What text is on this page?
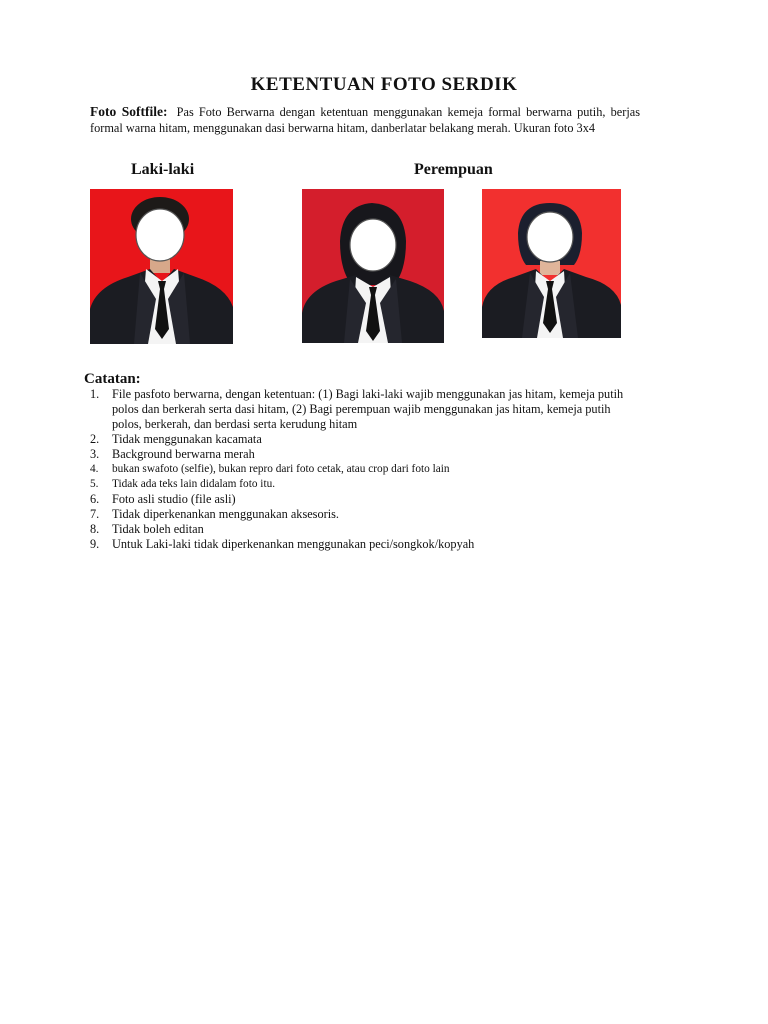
KETENTUAN FOTO SERDIK
Foto Softfile: Pas Foto Berwarna dengan ketentuan menggunakan kemeja formal berwarna putih, berjas formal warna hitam, menggunakan dasi berwarna hitam, danberlatar belakang merah. Ukuran foto 3x4
Laki-laki	Perempuan
Catatan:
1. File pasfoto berwarna, dengan ketentuan: (1) Bagi laki-laki wajib menggunakan jas hitam, kemeja putih polos dan berkerah serta dasi hitam, (2) Bagi perempuan wajib menggunakan jas hitam, kemeja putih polos, berkerah, dan berdasi serta kerudung hitam
2. Tidak menggunakan kacamata
3. Background berwarna merah
4. bukan swafoto (selfie), bukan repro dari foto cetak, atau crop dari foto lain
5. Tidak ada teks lain didalam foto itu.
6. Foto asli studio (file asli)
7. Tidak diperkenankan menggunakan aksesoris.
8. Tidak boleh editan
9. Untuk Laki-laki tidak diperkenankan menggunakan peci/songkok/kopyah
